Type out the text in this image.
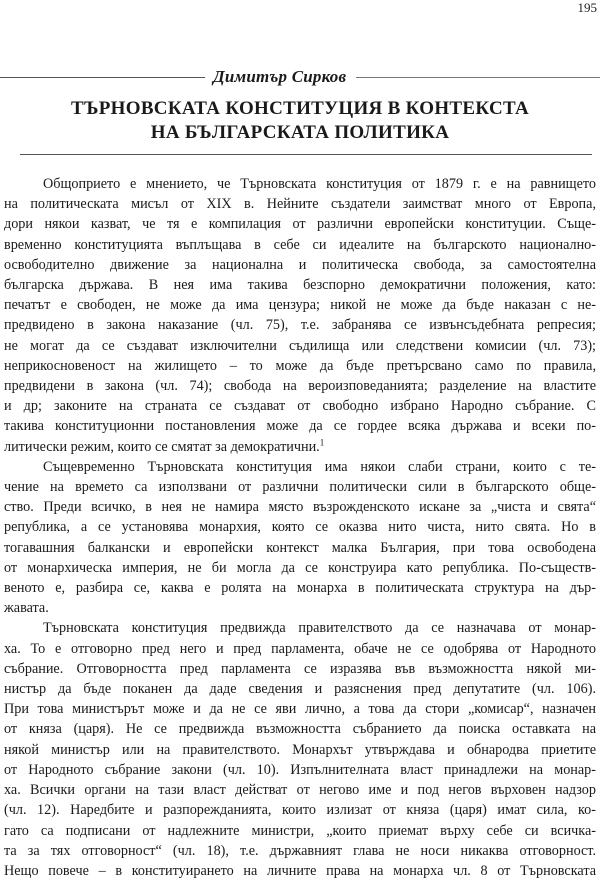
195
Димитър Сирков
ТЪРНОВСКАТА КОНСТИТУЦИЯ В КОНТЕКСТА
НА БЪЛГАРСКАТА ПОЛИТИКА
Общоприето е мнението, че Търновската конституция от 1879 г. е на равнището
на политическата мисъл от XIX в. Нейните създатели заимстват много от Европа,
дори някои казват, че тя е компилация от различни европейски конституции. Съще-
временно конституцията въплъщава в себе си идеалите на българското национално-
освободително движение за национална и политическа свобода, за самостоятелна
българска държава. В нея има такива безспорно демократични положения, като:
печатът е свободен, не може да има цензура; никой не може да бъде наказан с не-
предвидено в закона наказание (чл. 75), т.е. забранява се извънсъдебната репресия;
не могат да се създават изключителни съдилища или следствени комисии (чл. 73);
неприкосновеност на жилището – то може да бъде претърсвано само по правила,
предвидени в закона (чл. 74); свобода на вероизповеданията; разделение на властите
и др; законите на страната се създават от свободно избрано Народно събрание. С
такива конституционни постановления може да се гордее всяка държава и всеки по-
литически режим, които се смятат за демократични.$^1$
Същевременно Търновската конституция има някои слаби страни, които с те-
чение на времето са използвани от различни политически сили в българското обще-
ство. Преди всичко, в нея не намира място възрожденското искане за „чиста и свята“
република, а се установява монархия, която се оказва нито чиста, нито свята. Но в
тогавашния балкански и европейски контекст малка България, при това освободена
от монархическа империя, не би могла да се конструира като република. По-съществ-
веното е, разбира се, каква е ролята на монарха в политическата структура на дър-
жавата.
Търновската конституция предвижда правителството да се назначава от монар-
ха. То е отговорно пред него и пред парламента, обаче не се одобрява от Народното
събрание. Отговорността пред парламента се изразява във възможността някой ми-
нистър да бъде поканен да даде сведения и разяснения пред депутатите (чл. 106).
При това министърът може и да не се яви лично, а това да стори „комисар“, назначен
от княза (царя). Не се предвижда възможността събранието да поиска оставката на
някой министър или на правителството. Монархът утвърждава и обнародва приетите
от Народното събрание закони (чл. 10). Изпълнителната власт принадлежи на монар-
ха. Всички органи на тази власт действат от негово име и под негов върховен надзор
(чл. 12). Наредбите и разпорежданията, които излизат от княза (царя) имат сила, ко-
гато са подписани от надлежните министри, „които приемат върху себе си всичка-
та за тях отговорност“ (чл. 18), т.е. държавният глава не носи никаква отговорност.
Нещо повече – в конституирането на личните права на монарха чл. 8 от Търновската
